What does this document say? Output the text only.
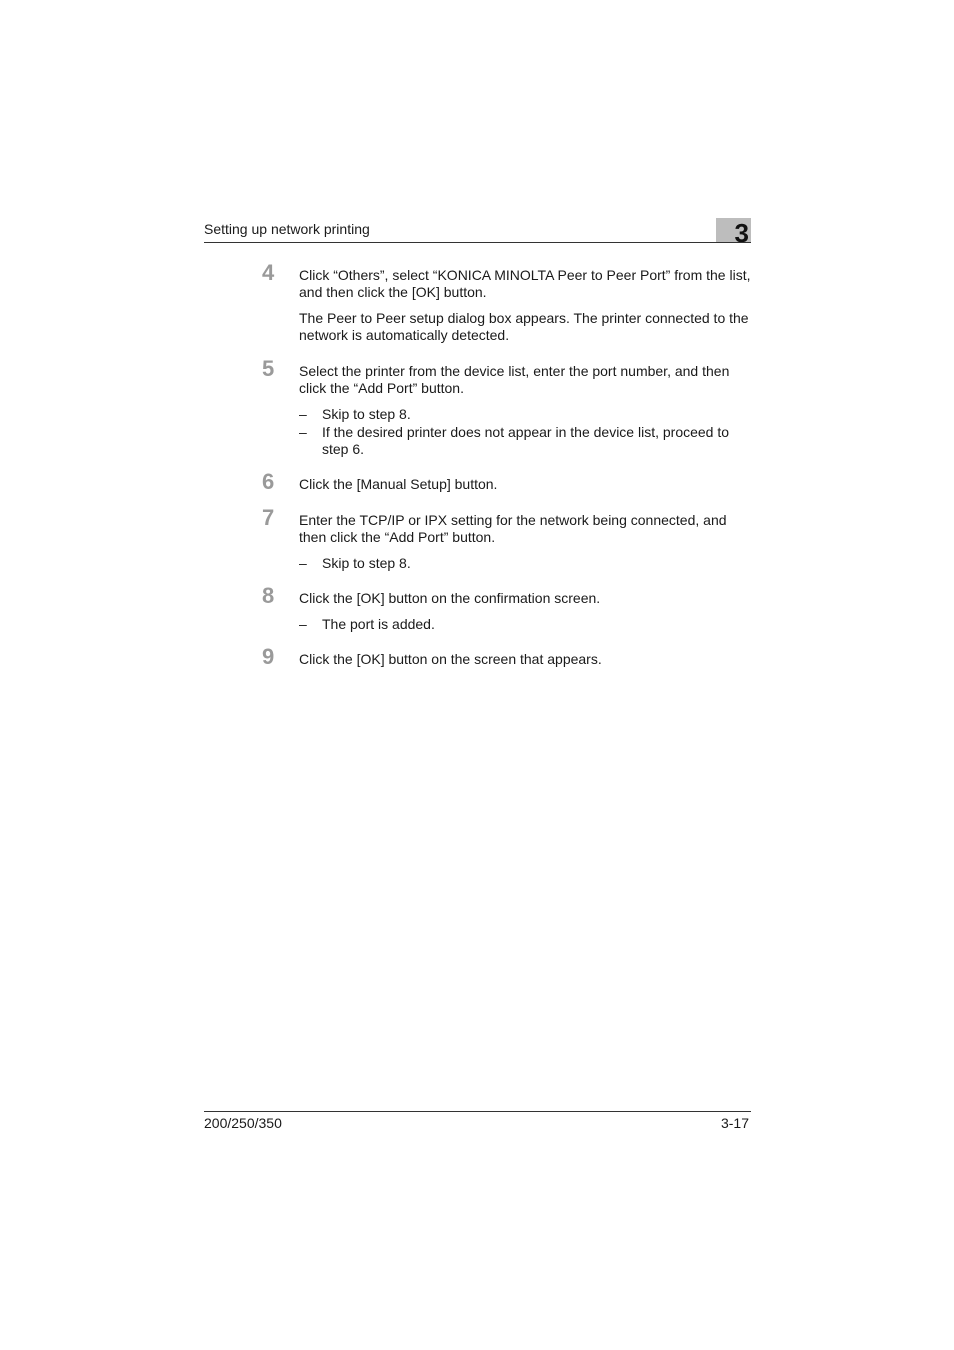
Setting up network printing	3
4	Click “Others”, select “KONICA MINOLTA Peer to Peer Port” from the list, and then click the [OK] button.
The Peer to Peer setup dialog box appears. The printer connected to the network is automatically detected.
5	Select the printer from the device list, enter the port number, and then click the “Add Port” button.
– Skip to step 8.
– If the desired printer does not appear in the device list, proceed to step 6.
6	Click the [Manual Setup] button.
7	Enter the TCP/IP or IPX setting for the network being connected, and then click the “Add Port” button.
– Skip to step 8.
8	Click the [OK] button on the confirmation screen.
– The port is added.
9	Click the [OK] button on the screen that appears.
200/250/350	3-17
